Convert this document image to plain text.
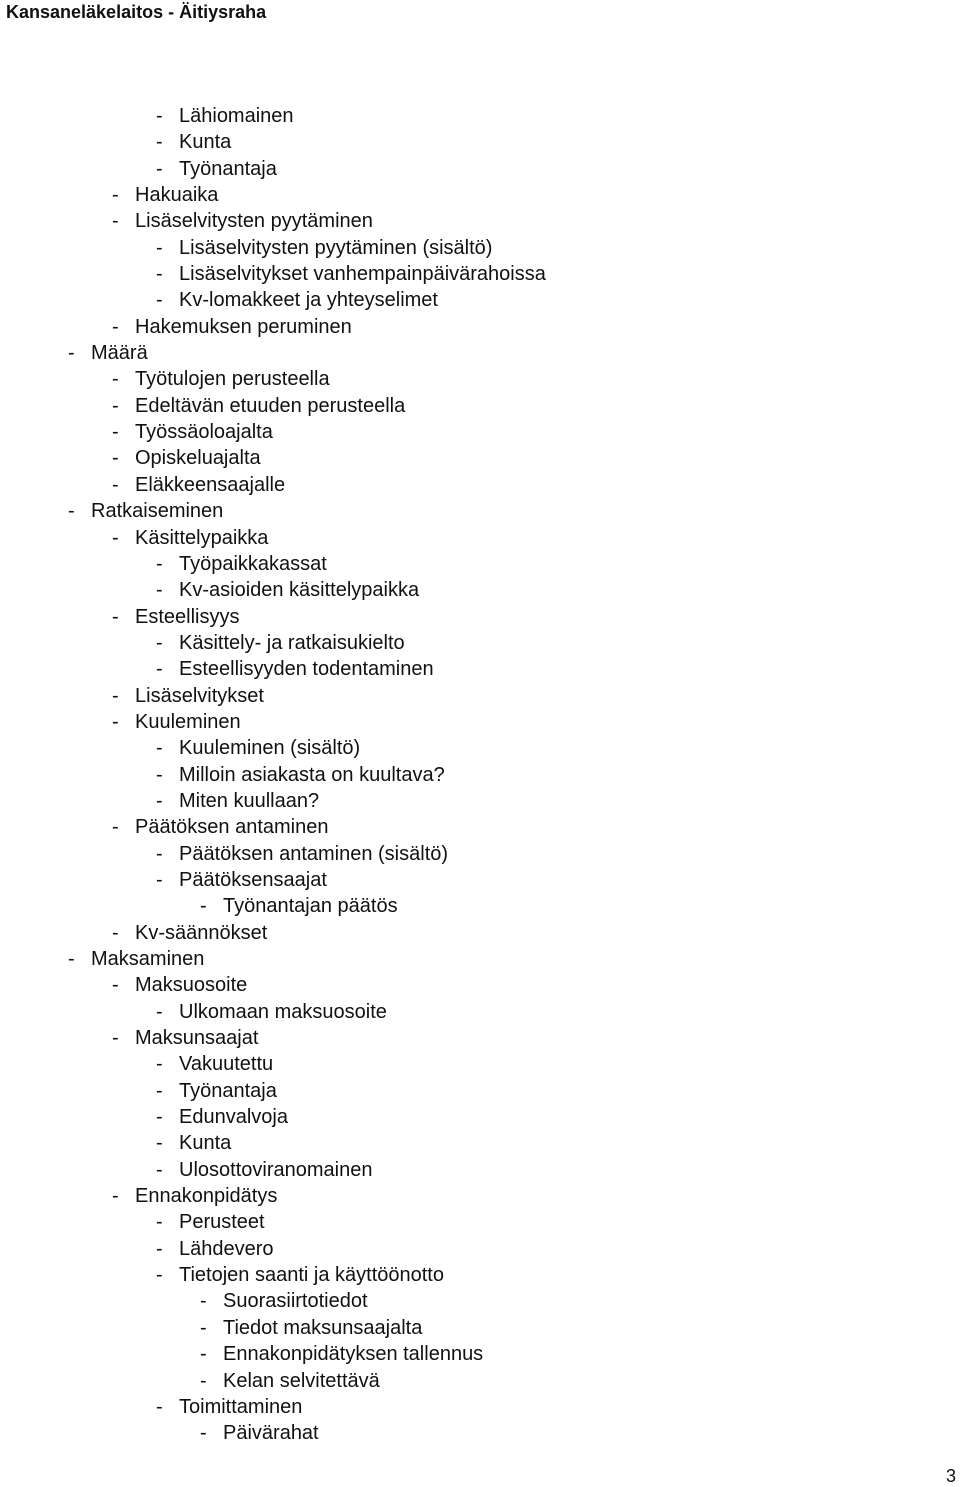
Kansaneläkelaitos - Äitiysraha
- Lähiomainen
- Kunta
- Työnantaja
- Hakuaika
- Lisäselvitysten pyytäminen
- Lisäselvitysten pyytäminen (sisältö)
- Lisäselvitykset vanhempainpäivärahoissa
- Kv-lomakkeet ja yhteyselimet
- Hakemuksen peruminen
- Määrä
- Työtulojen perusteella
- Edeltävän etuuden perusteella
- Työssäoloajalta
- Opiskeluajalta
- Eläkkeensaajalle
- Ratkaiseminen
- Käsittelypaikka
- Työpaikkakassat
- Kv-asioiden käsittelypaikka
- Esteellisyys
- Käsittely- ja ratkaisukielto
- Esteellisyyden todentaminen
- Lisäselvitykset
- Kuuleminen
- Kuuleminen (sisältö)
- Milloin asiakasta on kuultava?
- Miten kuullaan?
- Päätöksen antaminen
- Päätöksen antaminen (sisältö)
- Päätöksensaajat
- Työnantajan päätös
- Kv-säännökset
- Maksaminen
- Maksuosoite
- Ulkomaan maksuosoite
- Maksunsaajat
- Vakuutettu
- Työnantaja
- Edunvalvoja
- Kunta
- Ulosottoviranomainen
- Ennakonpidätys
- Perusteet
- Lähdevero
- Tietojen saanti ja käyttöönotto
- Suorasiirtotiedot
- Tiedot maksunsaajalta
- Ennakonpidätyksen tallennus
- Kelan selvitettävä
- Toimittaminen
- Päivärahat
3
